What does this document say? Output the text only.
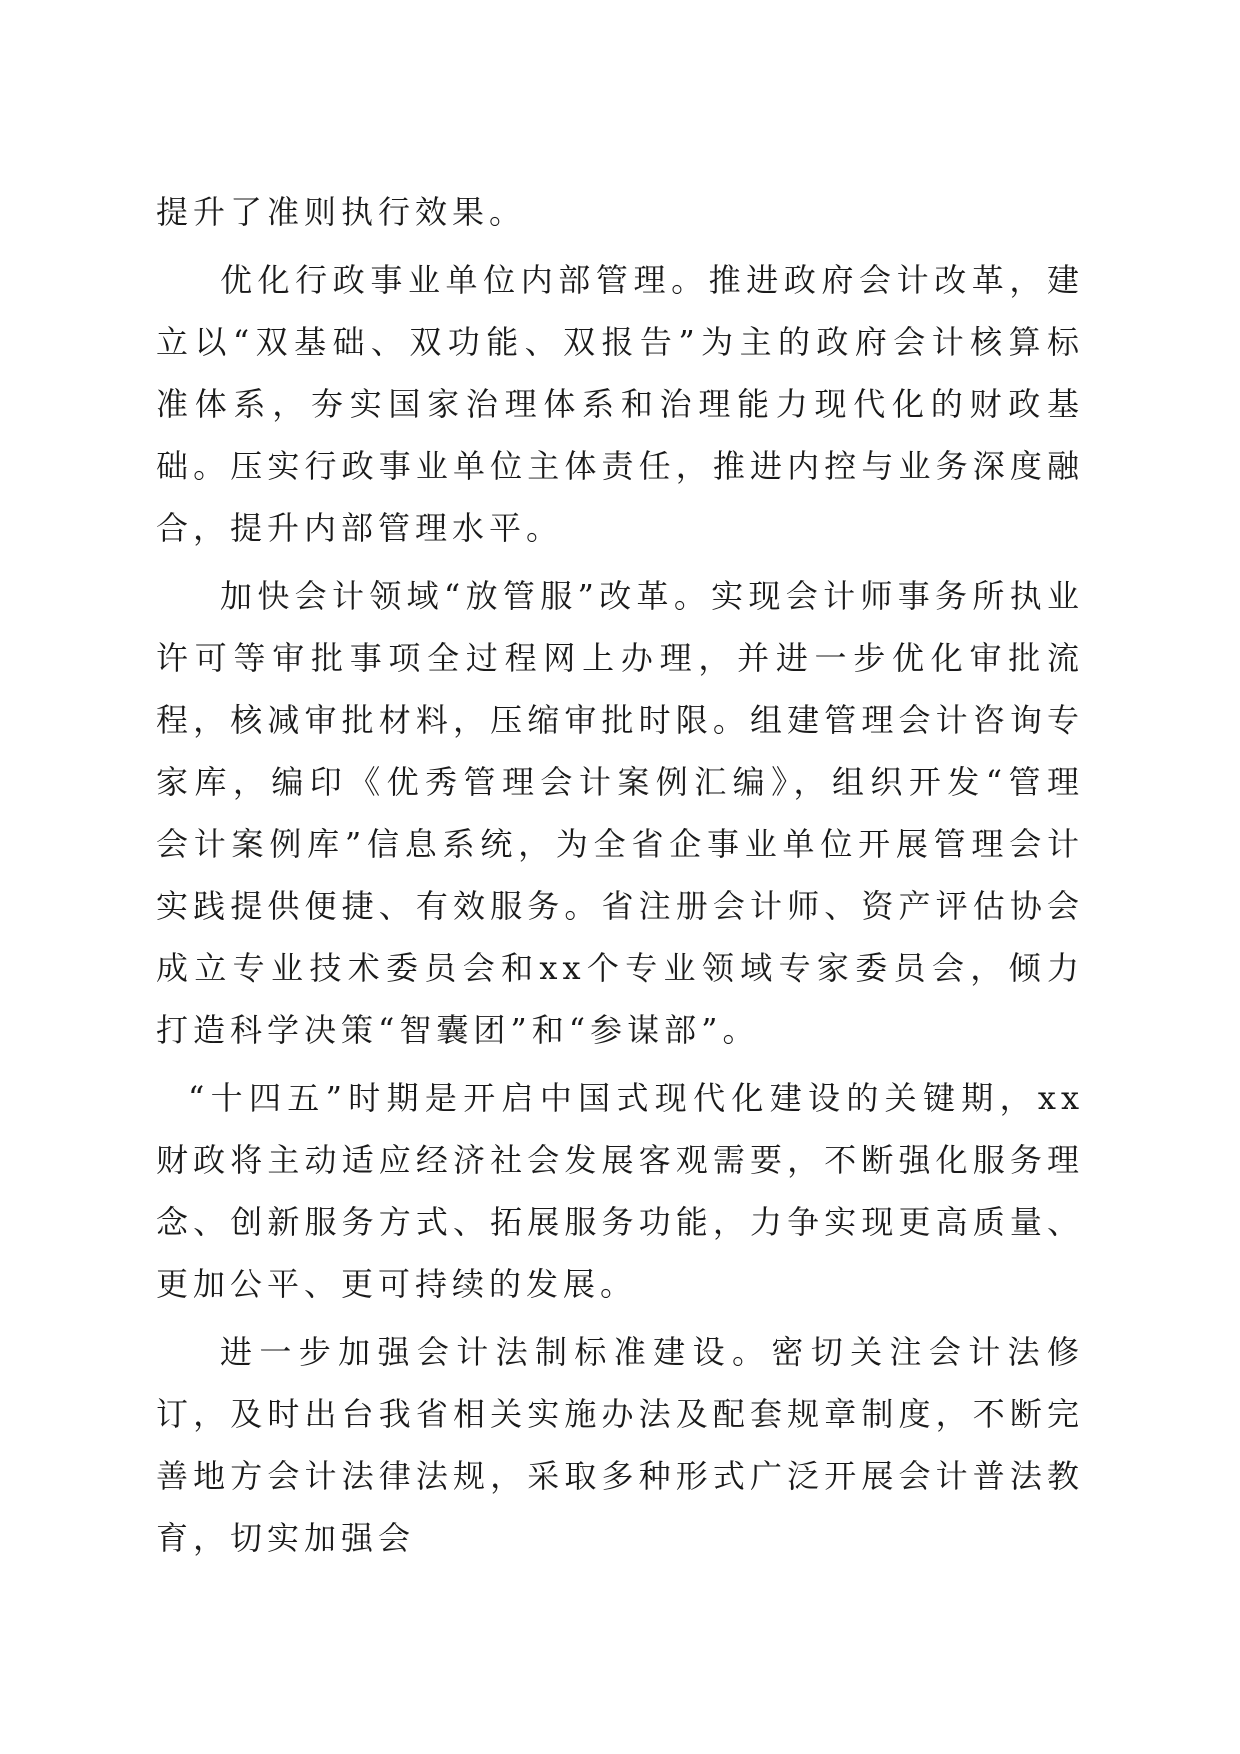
提升了准则执行效果。

优化行政事业单位内部管理。推进政府会计改革，建立以“双基础、双功能、双报告”为主的政府会计核算标准体系，夯实国家治理体系和治理能力现代化的财政基础。压实行政事业单位主体责任，推进内控与业务深度融合，提升内部管理水平。

加快会计领域“放管服”改革。实现会计师事务所执业许可等审批事项全过程网上办理，并进一步优化审批流程，核减审批材料，压缩审批时限。组建管理会计咨询专家库，编印《优秀管理会计案例汇编》，组织开发“管理会计案例库”信息系统，为全省企事业单位开展管理会计实践提供便捷、有效服务。省注册会计师、资产评估协会成立专业技术委员会和xx个专业领域专家委员会，倾力打造科学决策“智囊团”和“参谋部”。

“十四五”时期是开启中国式现代化建设的关键期，xx财政将主动适应经济社会发展客观需要，不断强化服务理念、创新服务方式、拓展服务功能，力争实现更高质量、更加公平、更可持续的发展。

进一步加强会计法制标准建设。密切关注会计法修订，及时出台我省相关实施办法及配套规章制度，不断完善地方会计法律法规，采取多种形式广泛开展会计普法教育，切实加强会
